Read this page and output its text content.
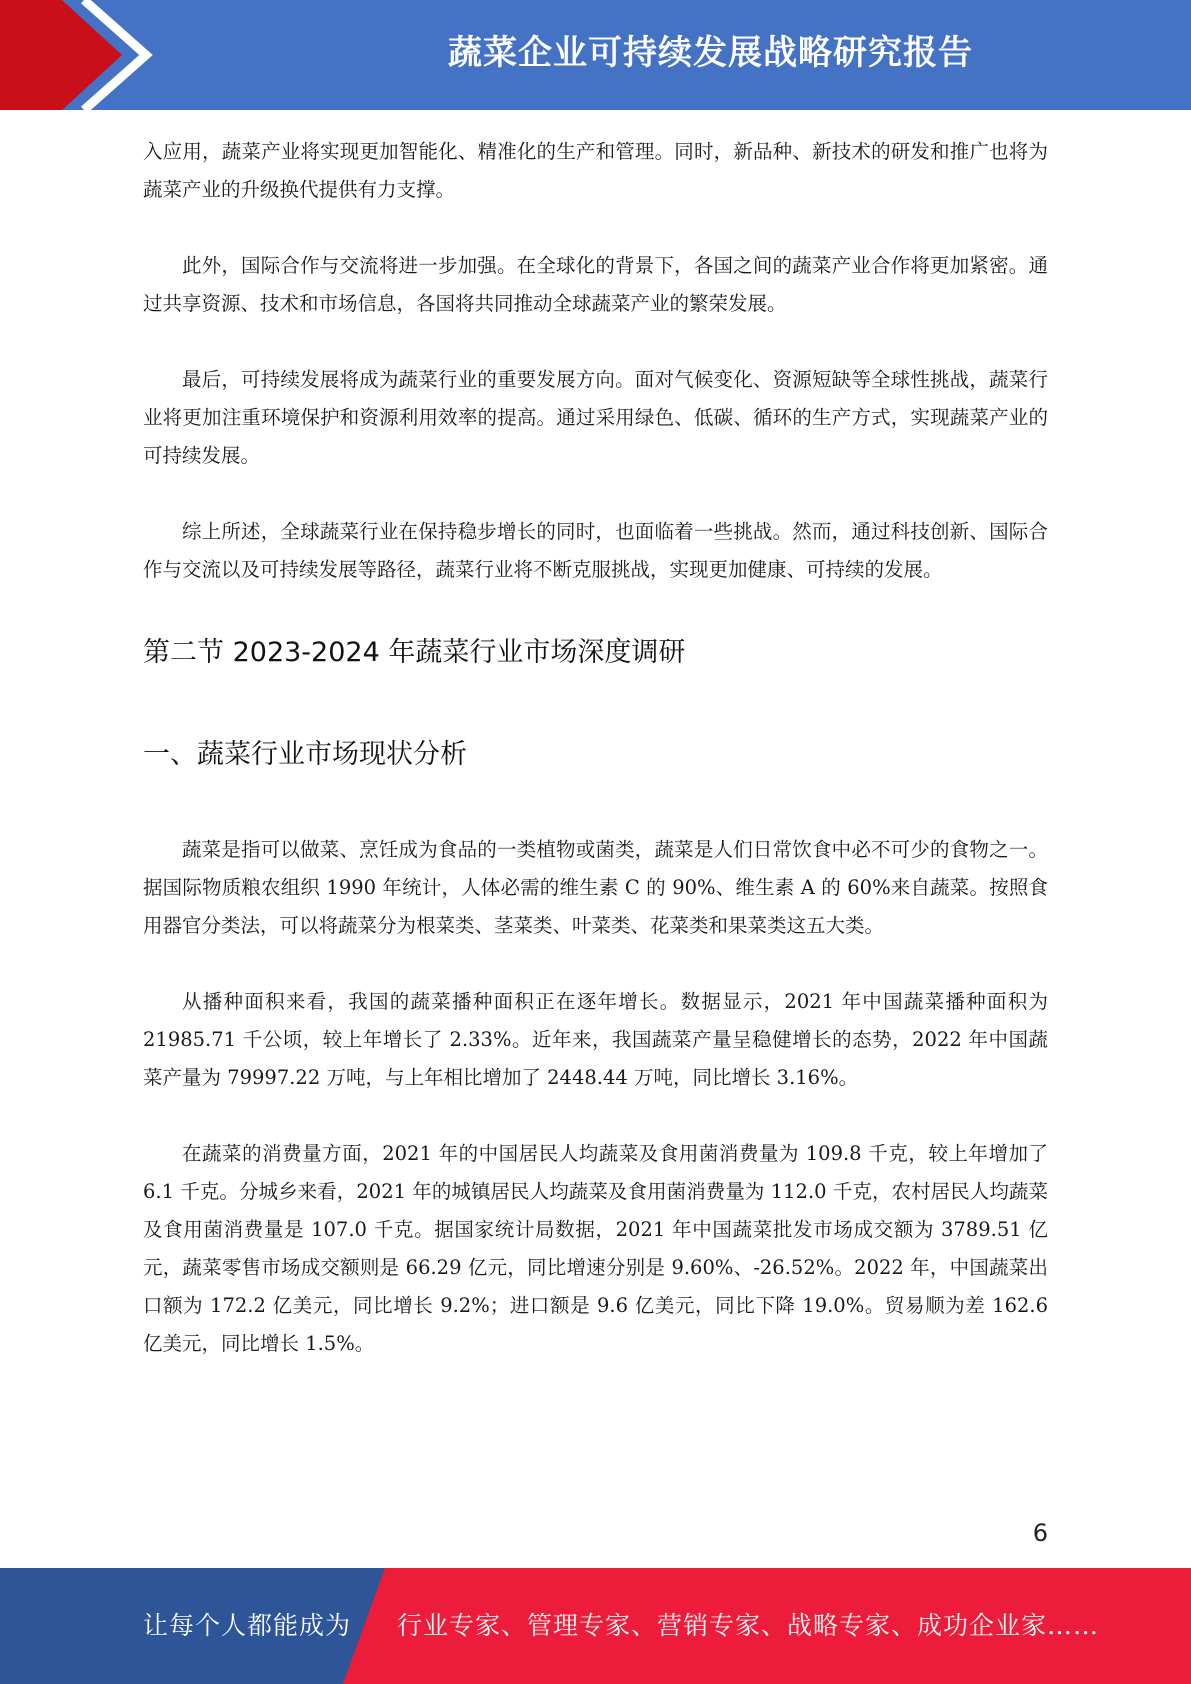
蔬菜企业可持续发展战略研究报告

入应用，蔬菜产业将实现更加智能化、精准化的生产和管理。同时，新品种、新技术的研发和推广也将为蔬菜产业的升级换代提供有力支撑。

此外，国际合作与交流将进一步加强。在全球化的背景下，各国之间的蔬菜产业合作将更加紧密。通过共享资源、技术和市场信息，各国将共同推动全球蔬菜产业的繁荣发展。

最后，可持续发展将成为蔬菜行业的重要发展方向。面对气候变化、资源短缺等全球性挑战，蔬菜行业将更加注重环境保护和资源利用效率的提高。通过采用绿色、低碳、循环的生产方式，实现蔬菜产业的可持续发展。

综上所述，全球蔬菜行业在保持稳步增长的同时，也面临着一些挑战。然而，通过科技创新、国际合作与交流以及可持续发展等路径，蔬菜行业将不断克服挑战，实现更加健康、可持续的发展。

第二节 2023-2024 年蔬菜行业市场深度调研
一、蔬菜行业市场现状分析

蔬菜是指可以做菜、烹饪成为食品的一类植物或菌类，蔬菜是人们日常饮食中必不可少的食物之一。据国际物质粮农组织 1990 年统计，人体必需的维生素 C 的 90%、维生素 A 的 60%来自蔬菜。按照食用器官分类法，可以将蔬菜分为根菜类、茎菜类、叶菜类、花菜类和果菜类这五大类。

从播种面积来看，我国的蔬菜播种面积正在逐年增长。数据显示，2021 年中国蔬菜播种面积为 21985.71 千公顷，较上年增长了 2.33%。近年来，我国蔬菜产量呈稳健增长的态势，2022 年中国蔬菜产量为 79997.22 万吨，与上年相比增加了 2448.44 万吨，同比增长 3.16%。

在蔬菜的消费量方面，2021 年的中国居民人均蔬菜及食用菌消费量为 109.8 千克，较上年增加了 6.1 千克。分城乡来看，2021 年的城镇居民人均蔬菜及食用菌消费量为 112.0 千克，农村居民人均蔬菜及食用菌消费量是 107.0 千克。据国家统计局数据，2021 年中国蔬菜批发市场成交额为 3789.51 亿元，蔬菜零售市场成交额则是 66.29 亿元，同比增速分别是 9.60%、-26.52%。2022 年，中国蔬菜出口额为 172.2 亿美元，同比增长 9.2%；进口额是 9.6 亿美元，同比下降 19.0%。贸易顺为差 162.6 亿美元，同比增长 1.5%。

6
让每个人都能成为 行业专家、管理专家、营销专家、战略专家、成功企业家……
